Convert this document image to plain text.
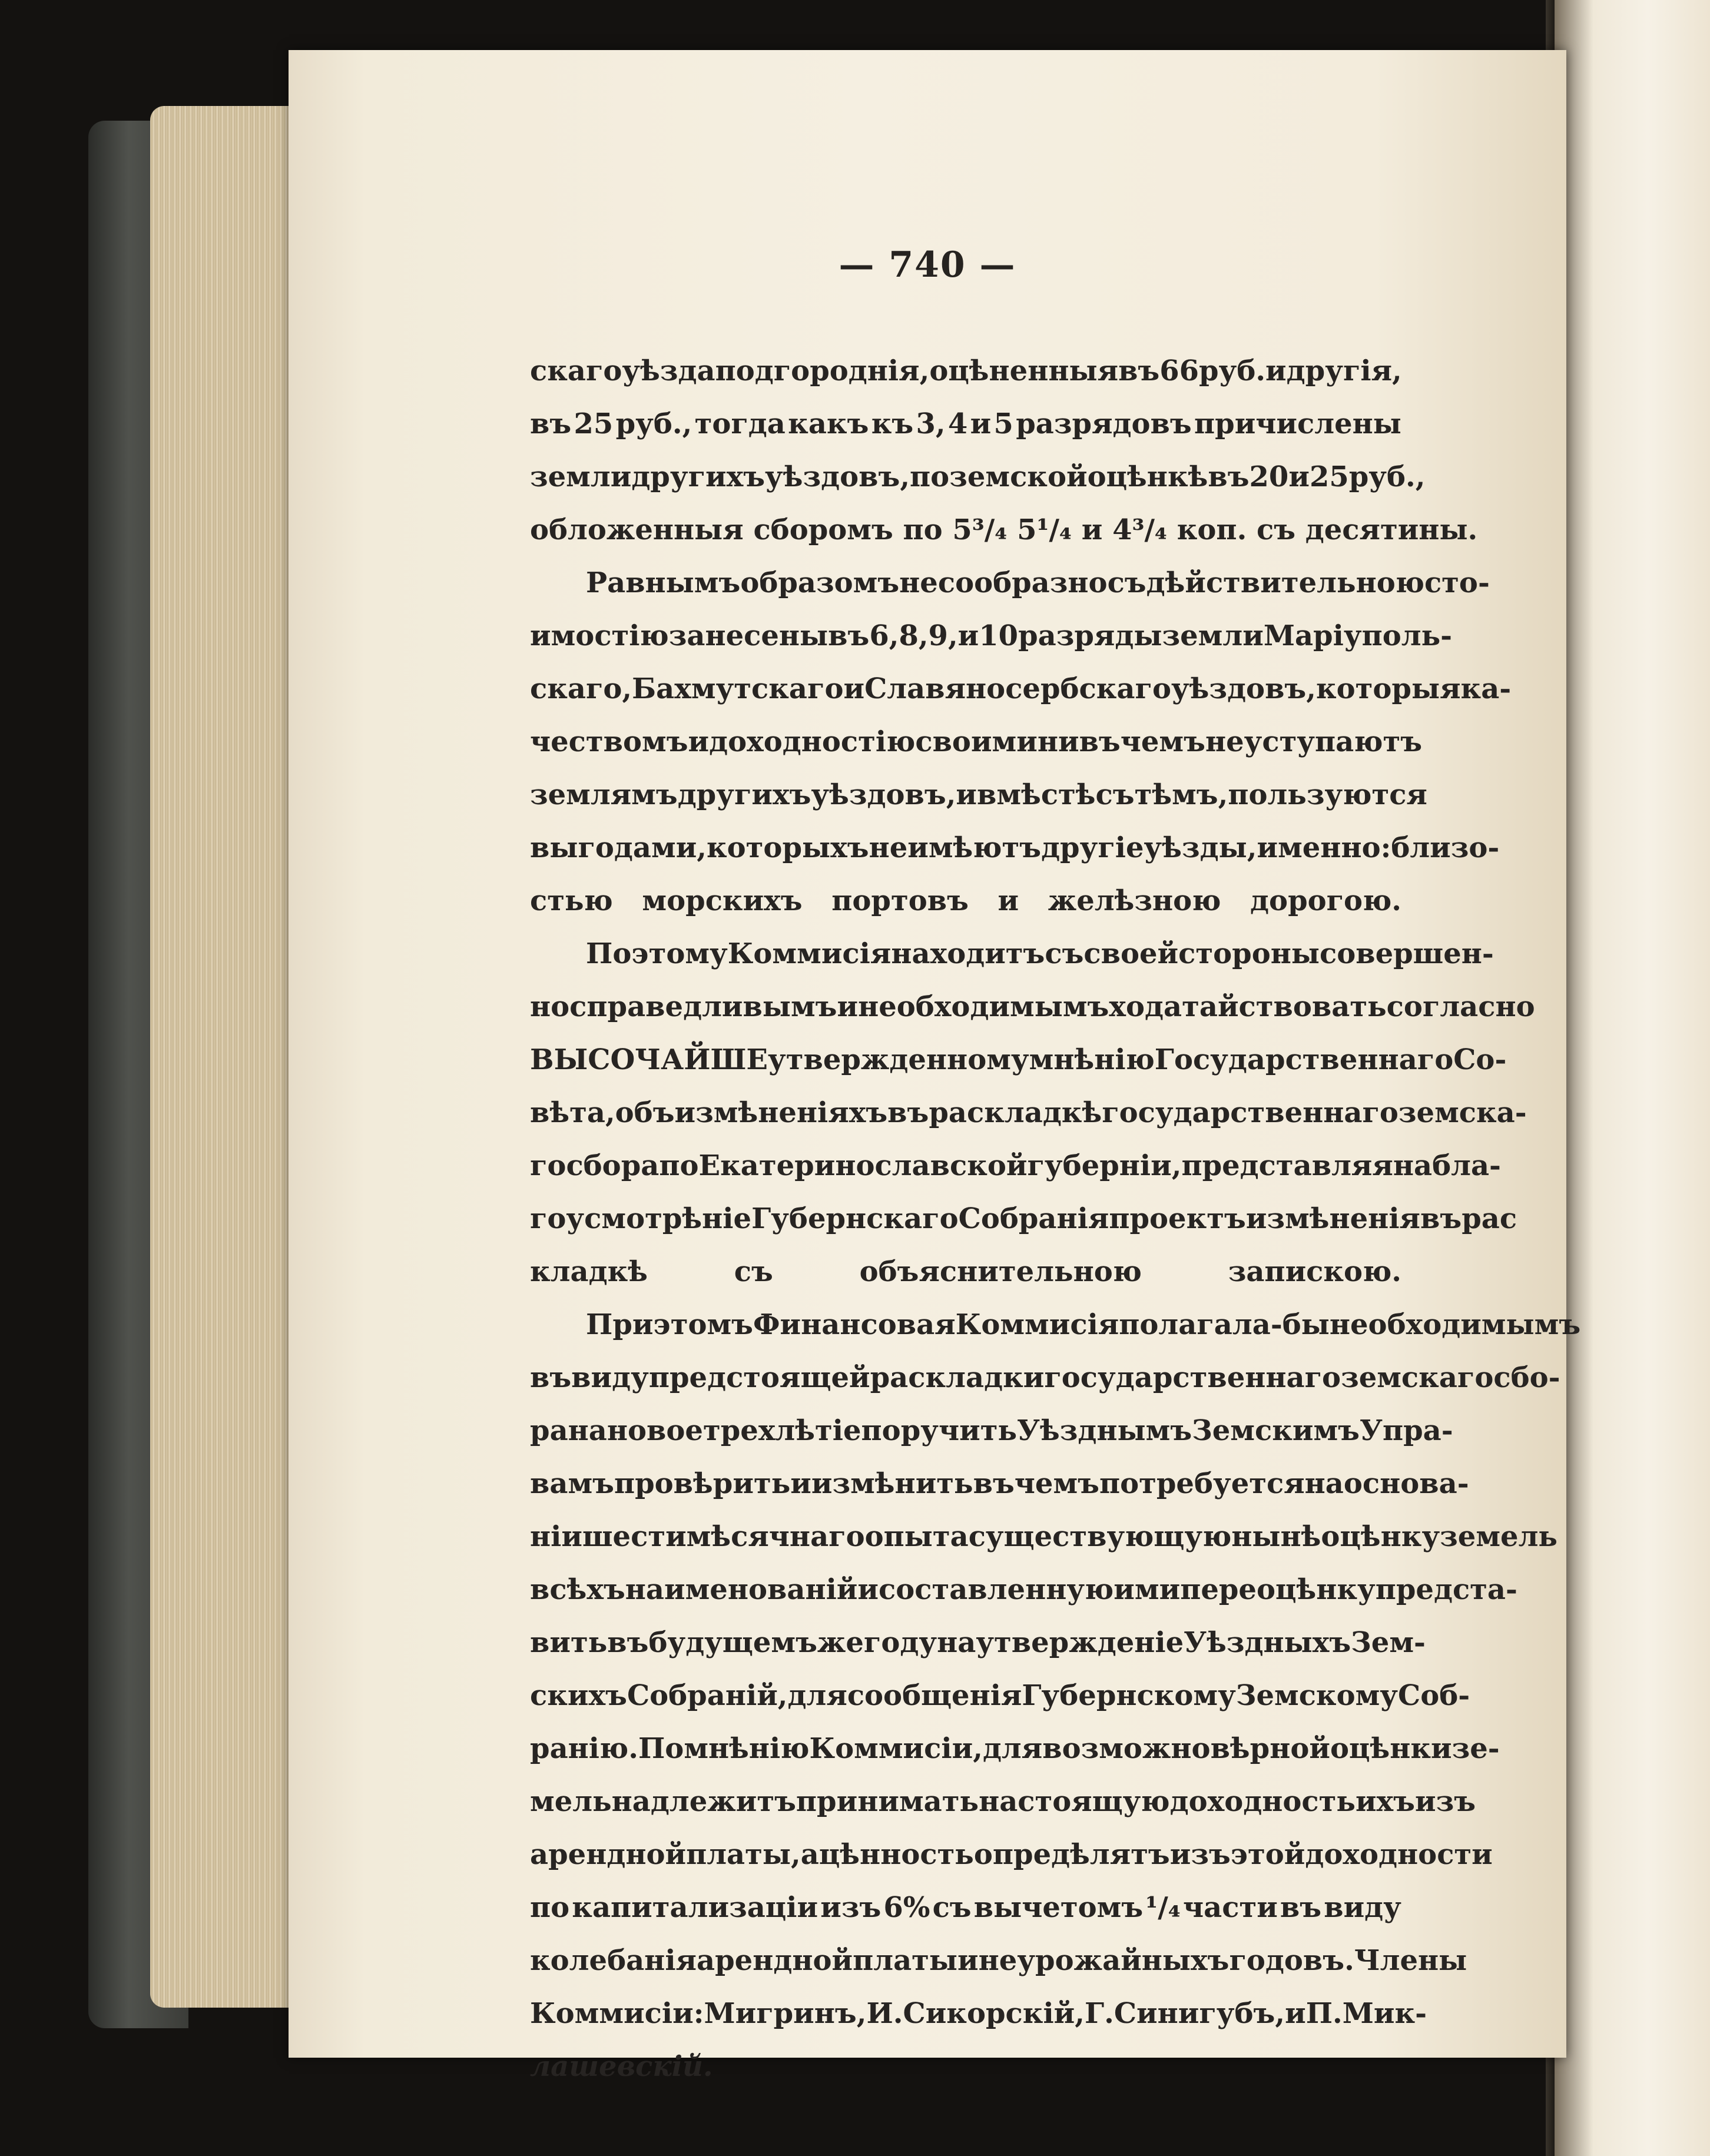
— 740 —
скаго уѣзда подгороднія, оцѣненныя въ 66 руб. и другія,
въ 25 руб., тогда какъ къ 3, 4 и 5 разрядовъ причислены
земли другихъ уѣздовъ, по земской оцѣнкѣ въ 20 и 25 руб.,
обложенныя сборомъ по 5³/₄ 5¹/₄ и 4³/₄ коп. съ десятины.
Равнымъ образомъ не сообразно съ дѣйствительною сто-
имостію занесены въ 6, 8, 9, и 10 разряды земли Маріуполь-
скаго, Бахмутскаго и Славяносербскаго уѣздовъ, которыя ка-
чествомъ и доходностію своими ни въ чемъ не уступаютъ
землямъ другихъ уѣздовъ, и вмѣстѣ съ тѣмъ, пользуются
выгодами, которыхъ не имѣютъ другіе уѣзды, именно: близо-
стью морскихъ портовъ и желѣзною дорогою.
По этому Коммисія находитъ съ своей стороны совершен-
но справедливымъ и не обходимымъ ходатайствовать согласно
ВЫСОЧАЙШЕ утвержденному мнѣнію Государственнаго Со-
вѣта, объ измѣненіяхъ въ раскладкѣ государственнаго земска-
го сбора по Екатеринославской губерніи, представляя на бла-
гоусмотрѣніе Губернскаго Собранія проектъ измѣненія въ рас
кладкѣ съ объяснительною запискою.
При этомъ Финансовая Коммисія полагала-бы необходимымъ
въ виду предстоящей раскладки государственнаго земскаго сбо-
ра на новое трехлѣтіе поручить Уѣзднымъ Земскимъ Упра-
вамъ провѣрить и измѣнить въ чемъ потребуется на основа-
ніи шестимѣсячнаго опыта существующую нынѣ оцѣнку земель
всѣхъ наименованій и составленную ими переоцѣнку предста-
вить въ будущемъ же году на утвержденіе Уѣздныхъ Зем-
скихъ Собраній, для сообщенія Губернскому Земскому Соб-
ранію. По мнѣнію Коммисіи, для возможно вѣрной оцѣнки зе-
мель надлежитъ принимать настоящую доходность ихъ изъ
арендной платы, а цѣнность опредѣлятъ изъ этой доходности
по капитализаціи изъ 6% съ вычетомъ ¹/₄ части въ виду
колебанія арендной платы и не урожайныхъ годовъ. Члены
Коммисіи: Мигринъ, И. Сикорскій, Г. Синигубъ, и П. Мик-
лашевскій.
